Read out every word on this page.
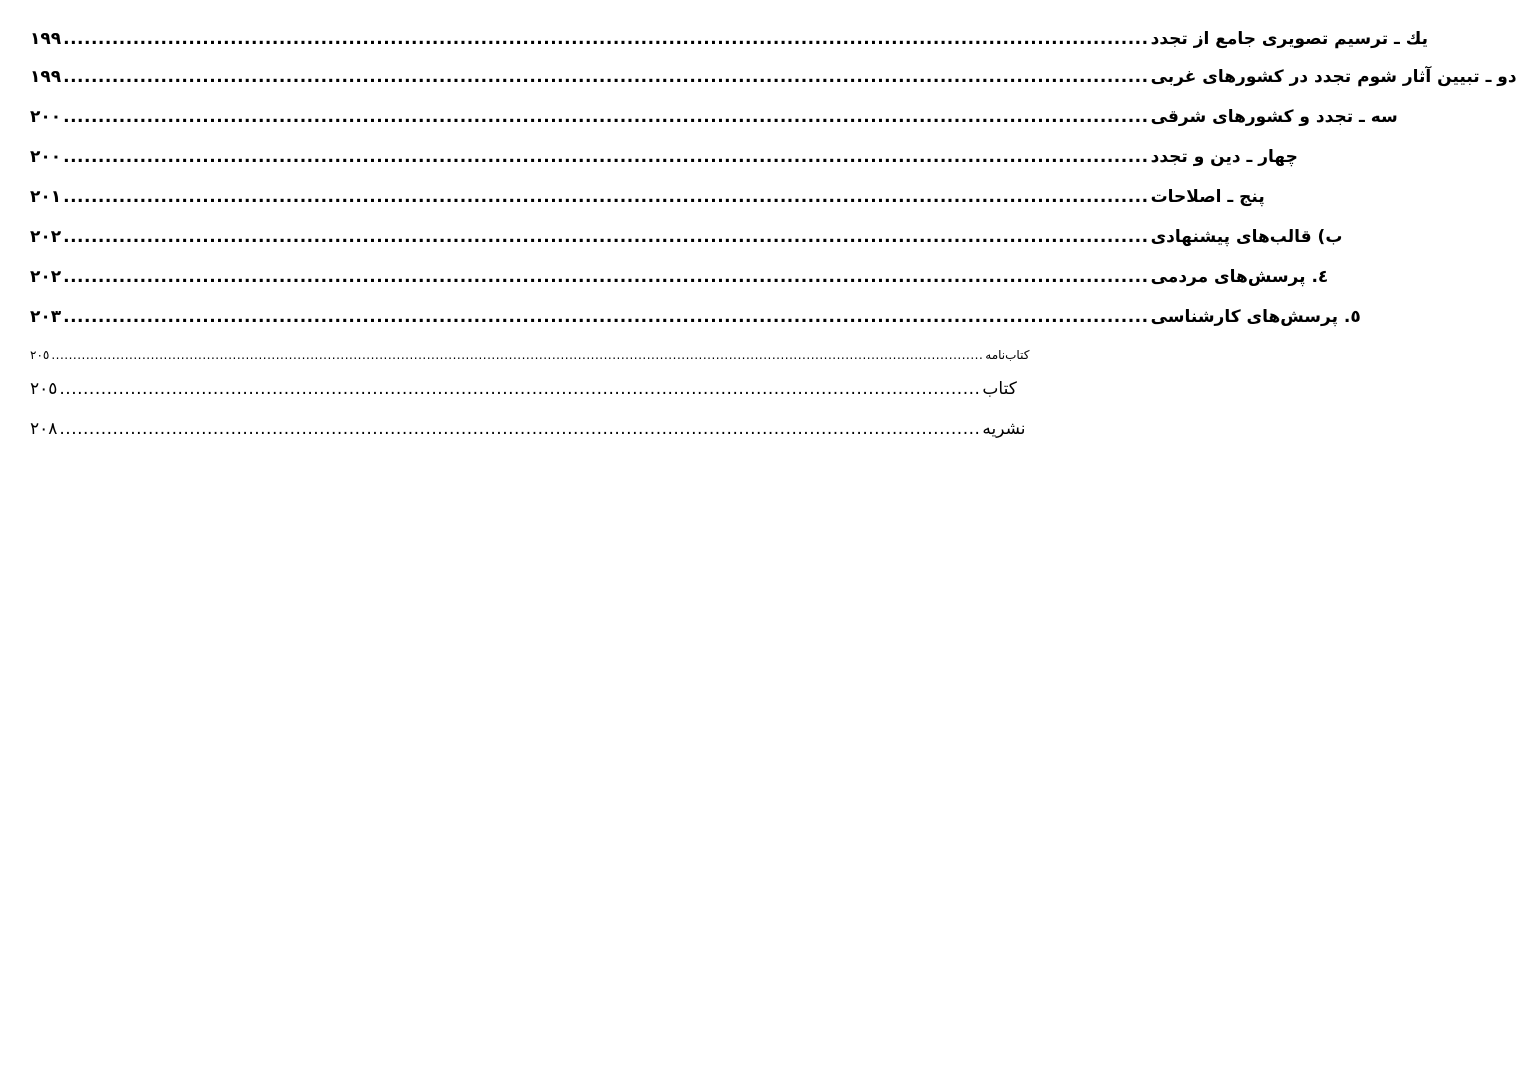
١٩٩ ............................................................................................................................................................ يك ـ ترسيم تصويرى جامع از تجدد
١٩٩ ............................................................................................................................................................ دو ـ تبيين آثار شوم تجدد در كشورهاى غربى
٢٠٠ ............................................................................................................................................................ سه ـ تجدد و كشورهاى شرقى
٢٠٠ ............................................................................................................................................................ چهار ـ دين و تجدد
٢٠١ ............................................................................................................................................................ پنج ـ اصلاحات
٢٠٢ ............................................................................................................................................................ ب) قالب‌هاى پيشنهادى
٢٠٢ ............................................................................................................................................................ ٤. پرسش‌هاى مردمى
٢٠٣ ............................................................................................................................................................ ٥. پرسش‌هاى كارشناسى
٢٠٥ ........................................................................................................................................................................................................................ كتاب‌نامه
٢٠٥ ............................................................................................................................................................ كتاب
٢٠٨ ............................................................................................................................................................ نشريه
